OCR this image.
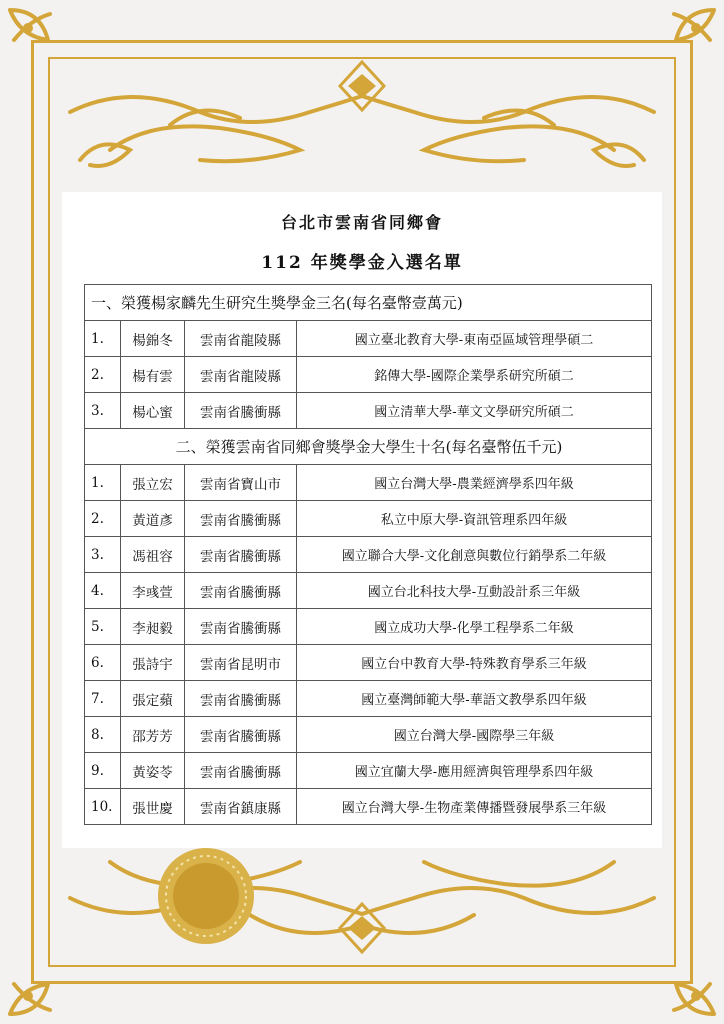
台北市雲南省同鄉會
112 年獎學金入選名單
一、榮獲楊家麟先生研究生獎學金三名(每名臺幣壹萬元)			
1.	楊錦冬	雲南省龍陵縣	國立臺北教育大學-東南亞區域管理學碩二
2.	楊有雲	雲南省龍陵縣	銘傳大學-國際企業學系研究所碩二
3.	楊心蜜	雲南省騰衝縣	國立清華大學-華文文學研究所碩二
二、榮獲雲南省同鄉會獎學金大學生十名(每名臺幣伍千元)			
1.	張立宏	雲南省寶山市	國立台灣大學-農業經濟學系四年級
2.	黃道彥	雲南省騰衝縣	私立中原大學-資訊管理系四年級
3.	馮祖容	雲南省騰衝縣	國立聯合大學-文化創意與數位行銷學系二年級
4.	李彧萱	雲南省騰衝縣	國立台北科技大學-互動設計系三年級
5.	李昶毅	雲南省騰衝縣	國立成功大學-化學工程學系二年級
6.	張詩宇	雲南省昆明市	國立台中教育大學-特殊教育學系三年級
7.	張定蘋	雲南省騰衝縣	國立臺灣師範大學-華語文教學系四年級
8.	邵芳芳	雲南省騰衝縣	國立台灣大學-國際學三年級
9.	黃姿苓	雲南省騰衝縣	國立宜蘭大學-應用經濟與管理學系四年級
10.	張世慶	雲南省鎮康縣	國立台灣大學-生物產業傳播暨發展學系三年級
